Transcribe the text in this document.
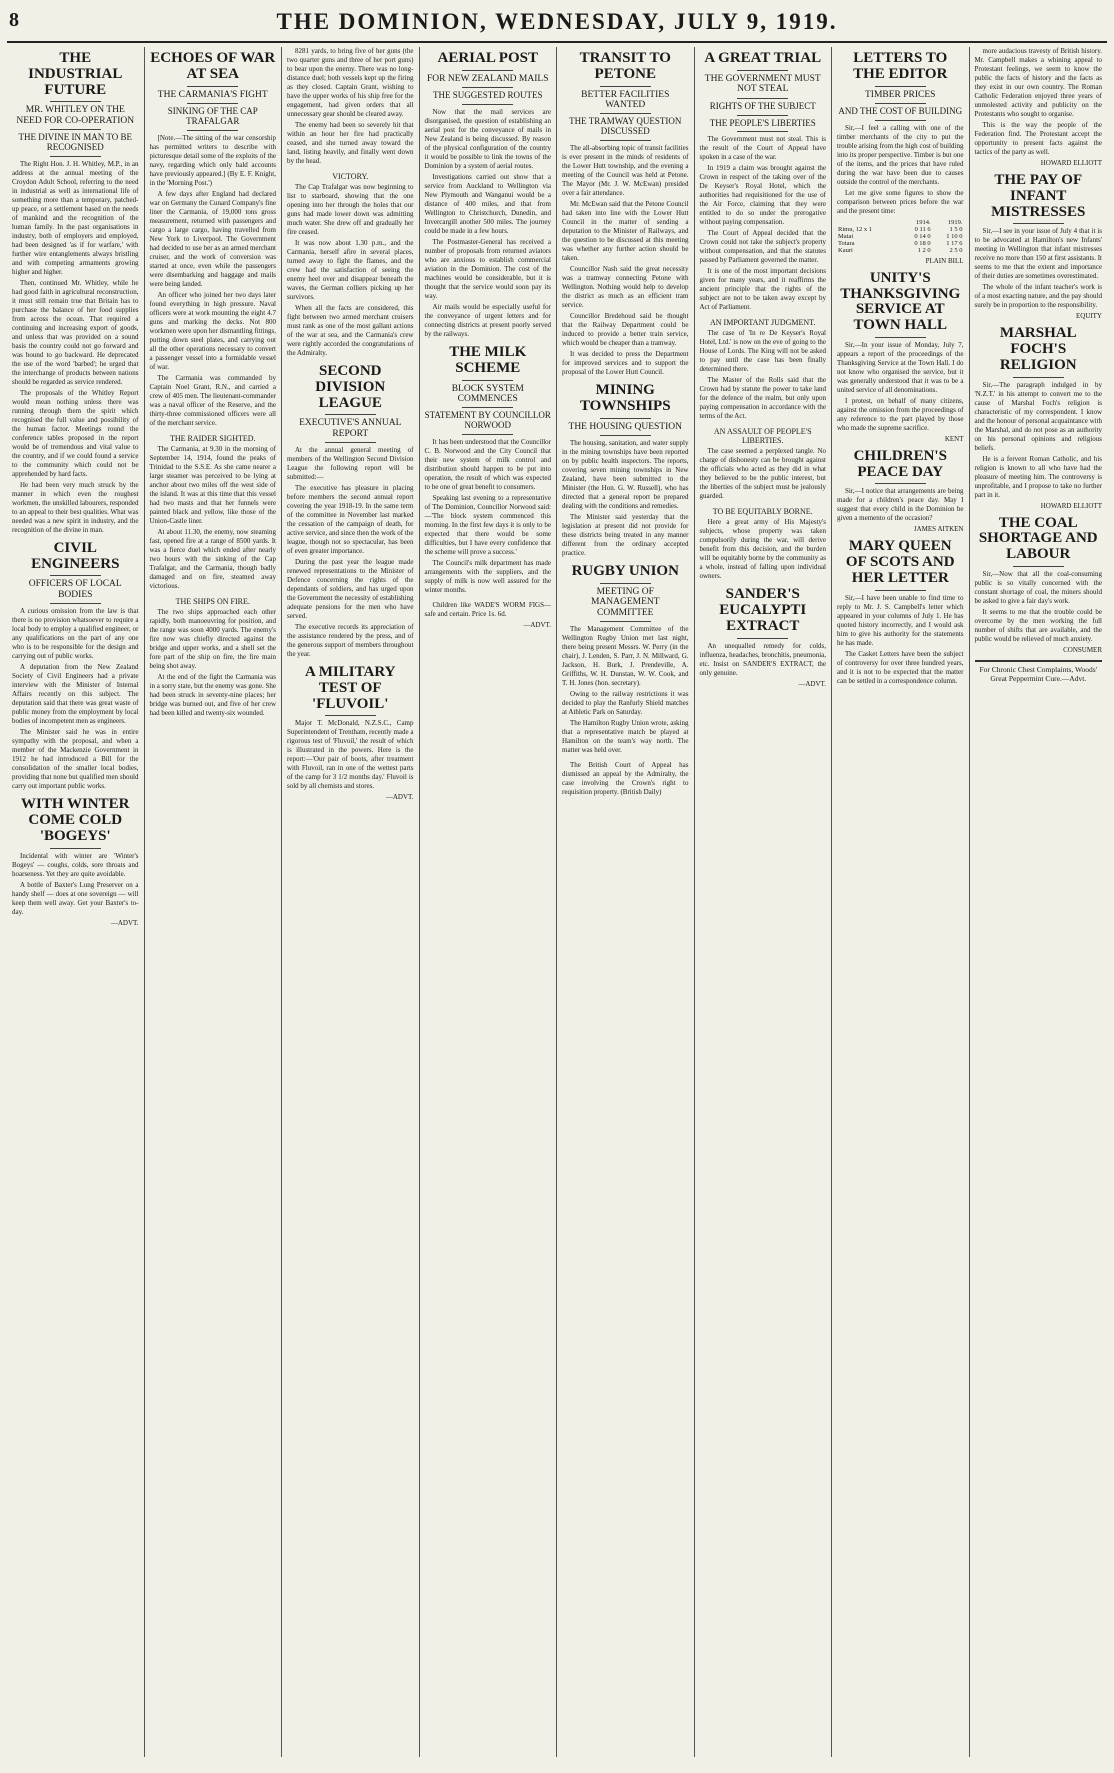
8	THE DOMINION, WEDNESDAY, JULY 9, 1919.
THE INDUSTRIAL FUTURE
MR. WHITLEY ON THE NEED FOR CO-OPERATION
THE DIVINE IN MAN TO BE RECOGNISED

The Right Hon. J. H. Whitley, M.P., in an address at the annual meeting of the Croydon Adult School, referring to the need in industrial as well as international life of something more than a temporary, patched-up peace, or a settlement based on the needs of mankind and the recognition of the human family. In the past organisations in industry, both of employers and employed, had been designed 'as if for warfare,' with further wire entanglements always bristling and with competing armaments growing higher and higher.

Then, continued Mr. Whitley, while he had good faith in agricultural reconstruction, it must still remain true that Britain has to purchase the balance of her food supplies from across the ocean. That required a continuing and increasing export of goods, and unless that was provided on a sound basis the country could not go forward and was bound to go backward. He deprecated the use of the word 'barbed'; he urged that the interchange of products between nations should be regarded as service rendered.

The proposals of the Whitley Report would mean nothing unless there was running through them the spirit which recognised the full value and possibility of the human factor. Meetings round the conference tables proposed in the report would be of tremendous and vital value to the country, and if we could found a service to the community which could not be apprehended by hard facts.

He had been very much struck by the manner in which even the roughest workmen, the unskilled labourers, responded to an appeal to their best qualities. What was needed was a new spirit in industry, and the recognition of the divine in man.

CIVIL ENGINEERS
OFFICERS OF LOCAL BODIES

A curious omission from the law is that there is no provision whatsoever to require a local body to employ a qualified engineer, or any qualifications on the part of any one who is to be responsible for the design and carrying out of public works.

A deputation from the New Zealand Society of Civil Engineers had a private interview with the Minister of Internal Affairs recently on this subject. The deputation said that there was great waste of public money from the employment by local bodies of incompetent men as engineers.

The Minister said he was in entire sympathy with the proposal, and when a member of the Mackenzie Government in 1912 he had introduced a Bill for the consolidation of the smaller local bodies, providing that none but qualified men should carry out important public works.

WITH WINTER COME COLD 'BOGEYS'

Incidental with winter are 'Winter's Bogeys' — coughs, colds, sore throats and hoarseness. Yet they are quite avoidable.

A bottle of Baxter's Lung Preserver on a handy shelf — does at one sovereign — will keep them well away. Get your Baxter's to-day.

—ADVT.
ECHOES OF WAR AT SEA
THE CARMANIA'S FIGHT
SINKING OF THE CAP TRAFALGAR

[Note.—The sitting of the war censorship has permitted writers to describe with picturesque detail some of the exploits of the navy, regarding which only bald accounts have previously appeared.] (By E. F. Knight, in the 'Morning Post.')

A few days after England had declared war on Germany the Cunard Company's fine liner the Carmania, of 19,000 tons gross measurement, returned with passengers and cargo a large cargo, having travelled from New York to Liverpool. The Government had decided to use her as an armed merchant cruiser, and the work of conversion was started at once, even while the passengers were disembarking and baggage and mails were being landed.

An officer who joined her two days later found everything in high pressure. Naval officers were at work mounting the eight 4.7 guns and marking the decks. Not 800 workmen were upon her dismantling fittings, putting down steel plates, and carrying out all the other operations necessary to convert a passenger vessel into a formidable vessel of war.

The Carmania was commanded by Captain Noel Grant, R.N., and carried a crew of 405 men. The lieutenant-commander was a naval officer of the Reserve, and the thirty-three commissioned officers were all of the merchant service.

THE RAIDER SIGHTED.

The Carmania, at 9.30 in the morning of September 14, 1914, found the peaks of Trinidad to the S.S.E. As she came nearer a large steamer was perceived to be lying at anchor about two miles off the west side of the island. It was at this time that this vessel had two masts and that her funnels were painted black and yellow, like those of the Union-Castle liner.

At about 11.30, the enemy, now steaming fast, opened fire at a range of 8500 yards. It was a fierce duel which ended after nearly two hours with the sinking of the Cap Trafalgar, and the Carmania, though badly damaged and on fire, steamed away victorious.

THE SHIPS ON FIRE.

The two ships approached each other rapidly, both manoeuvring for position, and the range was soon 4000 yards. The enemy's fire now was chiefly directed against the bridge and upper works, and a shell set the fore part of the ship on fire, the fire main being shot away.

At the end of the fight the Carmania was in a sorry state, but the enemy was gone. She had been struck in seventy-nine places; her bridge was burned out, and five of her crew had been killed and twenty-six wounded.

8281 yards, to bring five of her guns (the two quarter guns and three of her port guns) to bear upon the enemy. There was no long-distance duel; both vessels kept up the firing as they closed. Captain Grant, wishing to have the upper works of his ship free for the engagement, had given orders that all unnecessary gear should be cleared away.

The enemy had been so severely hit that within an hour her fire had practically ceased, and she turned away toward the land, listing heavily, and finally went down by the head.

VICTORY.

The Cap Trafalgar was now beginning to list to starboard, showing that the one opening into her through the holes that our guns had made lower down was admitting much water. She drew off and gradually her fire ceased.

It was now about 1.30 p.m., and the Carmania, herself afire in several places, turned away to fight the flames, and the crew had the satisfaction of seeing the enemy heel over and disappear beneath the waves, the German colliers picking up her survivors.

When all the facts are considered, this fight between two armed merchant cruisers must rank as one of the most gallant actions of the war at sea, and the Carmania's crew were rightly accorded the congratulations of the Admiralty.

SECOND DIVISION LEAGUE
EXECUTIVE'S ANNUAL REPORT

At the annual general meeting of members of the Wellington Second Division League the following report will be submitted:—

The executive has pleasure in placing before members the second annual report covering the year 1918-19. In the same term of the committee in November last marked the cessation of the campaign of death, for active service, and since then the work of the league, though not so spectacular, has been of even greater importance.

During the past year the league made renewed representations to the Minister of Defence concerning the rights of the dependants of soldiers, and has urged upon the Government the necessity of establishing adequate pensions for the men who have served.

The executive records its appreciation of the assistance rendered by the press, and of the generous support of members throughout the year.

A MILITARY TEST OF 'FLUVOIL'

Major T. McDonald, N.Z.S.C., Camp Superintendent of Trentham, recently made a rigorous test of 'Fluvoil,' the result of which is illustrated in the powers. Here is the report:—'Our pair of boots, after treatment with Fluvoil, ran in one of the wettest parts of the camp for 3 1/2 months day.' Fluvoil is sold by all chemists and stores.

—ADVT.
AERIAL POST
FOR NEW ZEALAND MAILS
THE SUGGESTED ROUTES

Now that the mail services are disorganised, the question of establishing an aerial post for the conveyance of mails in New Zealand is being discussed. By reason of the physical configuration of the country it would be possible to link the towns of the Dominion by a system of aerial routes.

Investigations carried out show that a service from Auckland to Wellington via New Plymouth and Wanganui would be a distance of 400 miles, and that from Wellington to Christchurch, Dunedin, and Invercargill another 500 miles. The journey could be made in a few hours.

The Postmaster-General has received a number of proposals from returned aviators who are anxious to establish commercial aviation in the Dominion. The cost of the machines would be considerable, but it is thought that the service would soon pay its way.

Air mails would be especially useful for the conveyance of urgent letters and for connecting districts at present poorly served by the railways.

THE MILK SCHEME
BLOCK SYSTEM COMMENCES
STATEMENT BY COUNCILLOR NORWOOD

It has been understood that the Councillor C. B. Norwood and the City Council that their new system of milk control and distribution should happen to be put into operation, the result of which was expected to be one of great benefit to consumers.

Speaking last evening to a representative of The Dominion, Councillor Norwood said:—'The block system commenced this morning. In the first few days it is only to be expected that there would be some difficulties, but I have every confidence that the scheme will prove a success.'

The Council's milk department has made arrangements with the suppliers, and the supply of milk is now well assured for the winter months.

Children like WADE'S WORM FIGS—safe and certain. Price 1s. 6d.

—ADVT.
TRANSIT TO PETONE
BETTER FACILITIES WANTED
THE TRAMWAY QUESTION DISCUSSED

The all-absorbing topic of transit facilities is ever present in the minds of residents of the Lower Hutt township, and the evening a meeting of the Council was held at Petone. The Mayor (Mr. J. W. McEwan) presided over a fair attendance.

Mr. McEwan said that the Petone Council had taken into line with the Lower Hutt Council in the matter of sending a deputation to the Minister of Railways, and the question to be discussed at this meeting was whether any further action should be taken.

Councillor Nash said the great necessity was a tramway connecting Petone with Wellington. Nothing would help to develop the district as much as an efficient tram service.

Councillor Bredehoud said he thought that the Railway Department could be induced to provide a better train service, which would be cheaper than a tramway.

It was decided to press the Department for improved services and to support the proposal of the Lower Hutt Council.

MINING TOWNSHIPS
THE HOUSING QUESTION

The housing, sanitation, and water supply in the mining townships have been reported on by public health inspectors. The reports, covering seven mining townships in New Zealand, have been submitted to the Minister (the Hon. G. W. Russell), who has directed that a general report be prepared dealing with the conditions and remedies.

The Minister said yesterday that the legislation at present did not provide for these districts being treated in any manner different from the ordinary accepted practice.

RUGBY UNION
MEETING OF MANAGEMENT COMMITTEE

The Management Committee of the Wellington Rugby Union met last night, there being present Messrs. W. Perry (in the chair), J. Lenden, S. Parr, J. N. Millward, G. Jackson, H. Burk, J. Prendeville, A. Griffiths, W. H. Dunstan, W. W. Cook, and T. H. Jones (hon. secretary).

Owing to the railway restrictions it was decided to play the Ranfurly Shield matches at Athletic Park on Saturday.

The Hamilton Rugby Union wrote, asking that a representative match be played at Hamilton on the team's way north. The matter was held over.

The British Court of Appeal has dismissed an appeal by the Admiralty, the case involving the Crown's right to requisition property. (British Daily)

A GREAT TRIAL
THE GOVERNMENT MUST NOT STEAL
RIGHTS OF THE SUBJECT
THE PEOPLE'S LIBERTIES

The Government must not steal. This is the result of the Court of Appeal have spoken in a case of the war.

In 1919 a claim was brought against the Crown in respect of the taking over of the De Keyser's Royal Hotel, which the authorities had requisitioned for the use of the Air Force, claiming that they were entitled to do so under the prerogative without paying compensation.

The Court of Appeal decided that the Crown could not take the subject's property without compensation, and that the statutes passed by Parliament governed the matter.

It is one of the most important decisions given for many years, and it reaffirms the ancient principle that the rights of the subject are not to be taken away except by Act of Parliament.

AN IMPORTANT JUDGMENT.

The case of 'In re De Keyser's Royal Hotel, Ltd.' is now on the eve of going to the House of Lords. The King will not be asked to pay until the case has been finally determined there.

The Master of the Rolls said that the Crown had by statute the power to take land for the defence of the realm, but only upon paying compensation in accordance with the terms of the Act.

AN ASSAULT OF PEOPLE'S LIBERTIES.

The case seemed a perplexed tangle. No charge of dishonesty can be brought against the officials who acted as they did in what they believed to be the public interest, but the liberties of the subject must be jealously guarded.

TO BE EQUITABLY BORNE.

Here a great army of His Majesty's subjects, whose property was taken compulsorily during the war, will derive benefit from this decision, and the burden will be equitably borne by the community as a whole, instead of falling upon individual owners.

SANDER'S EUCALYPTI EXTRACT

An unequalled remedy for colds, influenza, headaches, bronchitis, pneumonia, etc. Insist on SANDER'S EXTRACT, the only genuine.

—ADVT.
LETTERS TO THE EDITOR
TIMBER PRICES
AND THE COST OF BUILDING

Sir,—I feel a calling with one of the timber merchants of the city to put the trouble arising from the high cost of building into its proper perspective. Timber is but one of the items, and the prices that have ruled during the war have been due to causes outside the control of the merchants.

Let me give some figures to show the comparison between prices before the war and the present time:

	1914.	1919.
Rimu, 12 x 1	0 11 6	1 5 0
Matai	0 14 0	1 10 0
Totara	0 18 0	1 17 6
Kauri	1 2 0	2 5 0
PLAIN BILL
UNITY'S THANKSGIVING SERVICE AT TOWN HALL

Sir,—In your issue of Monday, July 7, appears a report of the proceedings of the Thanksgiving Service at the Town Hall. I do not know who organised the service, but it was generally understood that it was to be a united service of all denominations.

I protest, on behalf of many citizens, against the omission from the proceedings of any reference to the part played by those who made the supreme sacrifice.

KENT
CHILDREN'S PEACE DAY

Sir,—I notice that arrangements are being made for a children's peace day. May I suggest that every child in the Dominion be given a memento of the occasion?

JAMES AITKEN
MARY QUEEN OF SCOTS AND HER LETTER

Sir,—I have been unable to find time to reply to Mr. J. S. Campbell's letter which appeared in your columns of July 1. He has quoted history incorrectly, and I would ask him to give his authority for the statements he has made.

The Casket Letters have been the subject of controversy for over three hundred years, and it is not to be expected that the matter can be settled in a correspondence column.

more audacious travesty of British history. Mr. Campbell makes a whining appeal to Protestant feelings, we seem to know the public the facts of history and the facts as they exist in our own country. The Roman Catholic Federation enjoyed three years of unmolested activity and publicity on the Protestants who sought to organise.

This is the way the people of the Federation find. The Protestant accept the opportunity to present facts against the tactics of the party as well.

HOWARD ELLIOTT
THE PAY OF INFANT MISTRESSES

Sir,—I see in your issue of July 4 that it is to be advocated at Hamilton's new Infants' meeting in Wellington that infant mistresses receive no more than 150 at first assistants. It seems to me that the extent and importance of their duties are sometimes overestimated.

The whole of the infant teacher's work is of a most exacting nature, and the pay should surely be in proportion to the responsibility.

EQUITY
MARSHAL FOCH'S RELIGION

Sir,—The paragraph indulged in by 'N.Z.T.' in his attempt to convert me to the cause of Marshal Foch's religion is characteristic of my correspondent. I know and the honour of personal acquaintance with the Marshal, and do not pose as an authority on his personal opinions and religious beliefs.

He is a fervent Roman Catholic, and his religion is known to all who have had the pleasure of meeting him. The controversy is unprofitable, and I propose to take no further part in it.

HOWARD ELLIOTT
THE COAL SHORTAGE AND LABOUR

Sir,—Now that all the coal-consuming public is so vitally concerned with the constant shortage of coal, the miners should be asked to give a fair day's work.

It seems to me that the trouble could be overcome by the men working the full number of shifts that are available, and the public would be relieved of much anxiety.

CONSUMER
For Chronic Chest Complaints, Woods' Great Peppermint Cure.—Advt.
